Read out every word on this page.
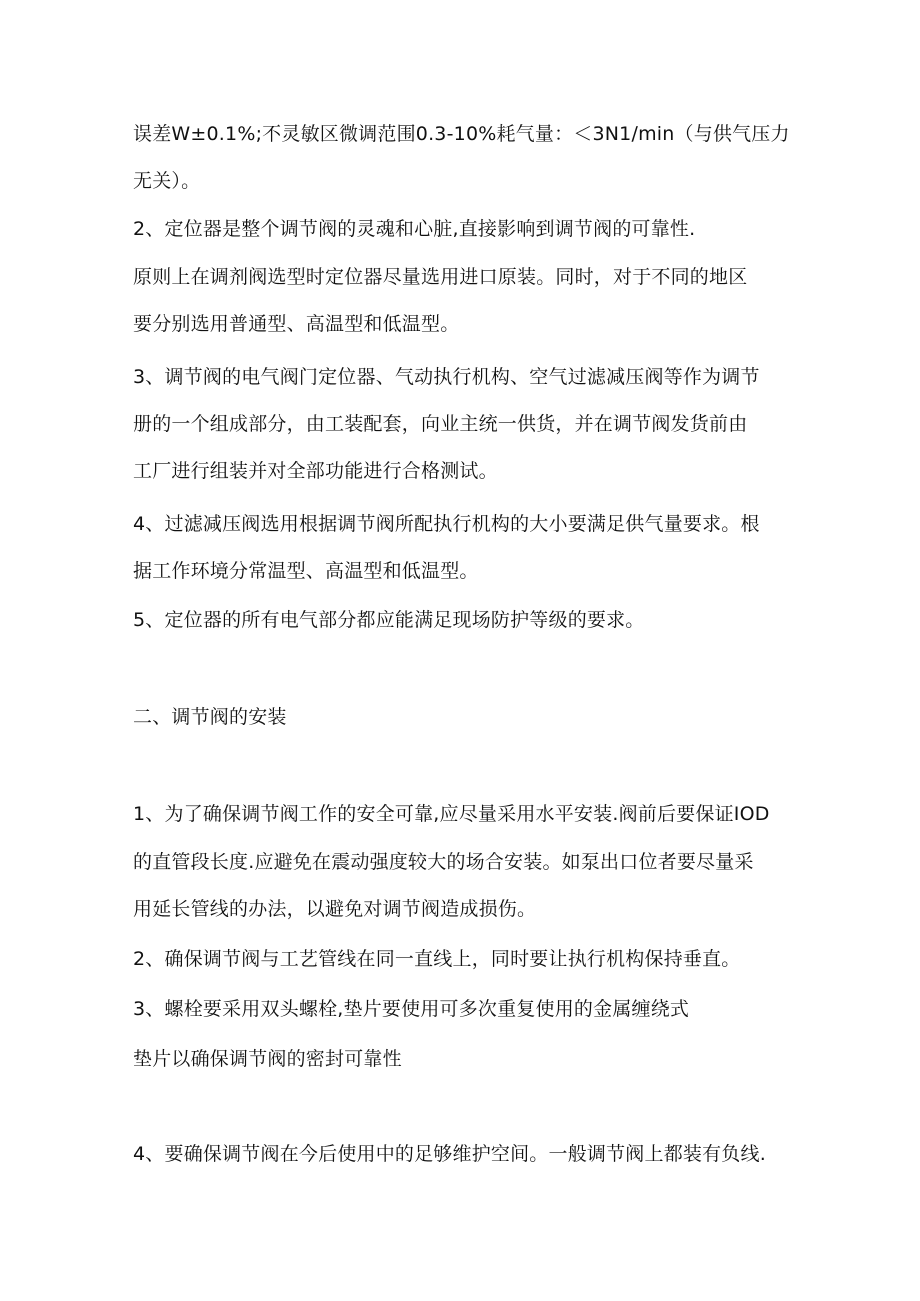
误差W±0.1%;不灵敏区微调范围0.3-10%耗气量：＜3N1∕min（与供气压力
无关）。
2、定位器是整个调节阀的灵魂和心脏,直接影响到调节阀的可靠性.
原则上在调剂阀选型时定位器尽量选用进口原装。同时，对于不同的地区
要分别选用普通型、高温型和低温型。
3、调节阀的电气阀门定位器、气动执行机构、空气过滤减压阀等作为调节
册的一个组成部分，由工装配套，向业主统一供货，并在调节阀发货前由
工厂进行组装并对全部功能进行合格测试。
4、过滤减压阀选用根据调节阀所配执行机构的大小要满足供气量要求。根
据工作环境分常温型、高温型和低温型。
5、定位器的所有电气部分都应能满足现场防护等级的要求。
二、调节阀的安装
1、为了确保调节阀工作的安全可靠,应尽量采用水平安装.阀前后要保证IOD
的直管段长度.应避免在震动强度较大的场合安装。如泵出口位者要尽量采
用延长管线的办法，以避免对调节阀造成损伤。
2、确保调节阀与工艺管线在同一直线上，同时要让执行机构保持垂直。
3、螺栓要采用双头螺栓,垫片要使用可多次重复使用的金属缠绕式
垫片以确保调节阀的密封可靠性
4、要确保调节阀在今后使用中的足够维护空间。一般调节阀上都装有负线.
